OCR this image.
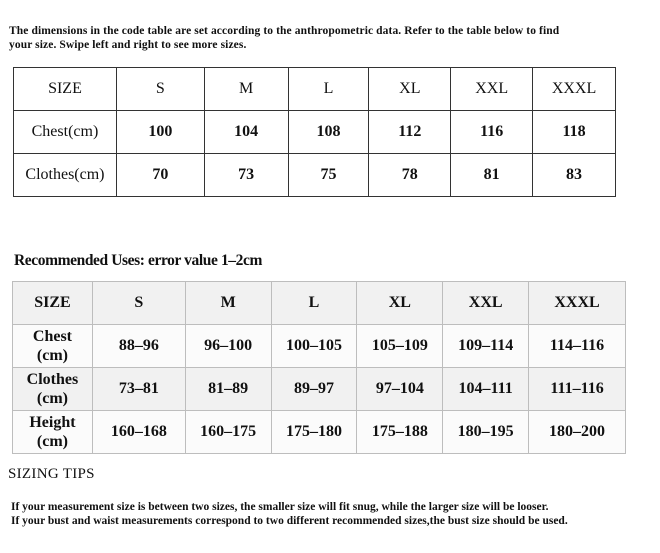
The dimensions in the code table are set according to the anthropometric data. Refer to the table below to find
your size. Swipe left and right to see more sizes.
SIZE	S	M	L	XL	XXL	XXXL
Chest(cm)	100	104	108	112	116	118
Clothes(cm)	70	73	75	78	81	83
Recommended Uses: error value 1–2cm
SIZE	S	M	L	XL	XXL	XXXL

Chest
(cm)	88–96	96–100	100–105	105–109	109–114	114–116

Clothes
(cm)	73–81	81–89	89–97	97–104	104–111	111–116

Height
(cm)	160–168	160–175	175–180	175–188	180–195	180–200
SIZING TIPS
If your measurement size is between two sizes, the smaller size will fit snug, while the larger size will be looser.
If your bust and waist measurements correspond to two different recommended sizes,the bust size should be used.
